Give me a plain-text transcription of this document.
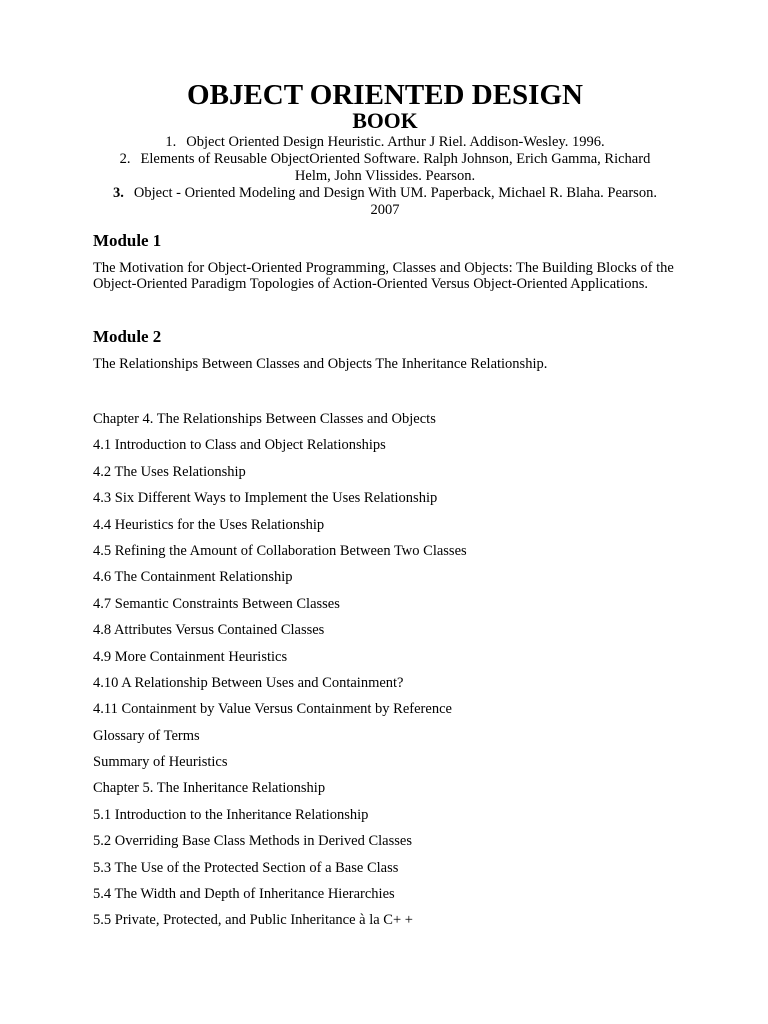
OBJECT ORIENTED DESIGN
BOOK
1. Object Oriented Design Heuristic. Arthur J Riel. Addison-Wesley. 1996.
2. Elements of Reusable ObjectOriented Software. Ralph Johnson, Erich Gamma, Richard Helm, John Vlissides. Pearson.
3. Object - Oriented Modeling and Design With UM. Paperback, Michael R. Blaha. Pearson. 2007
Module 1

The Motivation for Object-Oriented Programming, Classes and Objects: The Building Blocks of the Object-Oriented Paradigm Topologies of Action-Oriented Versus Object-Oriented Applications.

Module 2

The Relationships Between Classes and Objects The Inheritance Relationship.

Chapter 4. The Relationships Between Classes and Objects
4.1 Introduction to Class and Object Relationships
4.2 The Uses Relationship
4.3 Six Different Ways to Implement the Uses Relationship
4.4 Heuristics for the Uses Relationship
4.5 Refining the Amount of Collaboration Between Two Classes
4.6 The Containment Relationship
4.7 Semantic Constraints Between Classes
4.8 Attributes Versus Contained Classes
4.9 More Containment Heuristics
4.10 A Relationship Between Uses and Containment?
4.11 Containment by Value Versus Containment by Reference
Glossary of Terms
Summary of Heuristics
Chapter 5. The Inheritance Relationship
5.1 Introduction to the Inheritance Relationship
5.2 Overriding Base Class Methods in Derived Classes
5.3 The Use of the Protected Section of a Base Class
5.4 The Width and Depth of Inheritance Hierarchies
5.5 Private, Protected, and Public Inheritance à la C+ +
